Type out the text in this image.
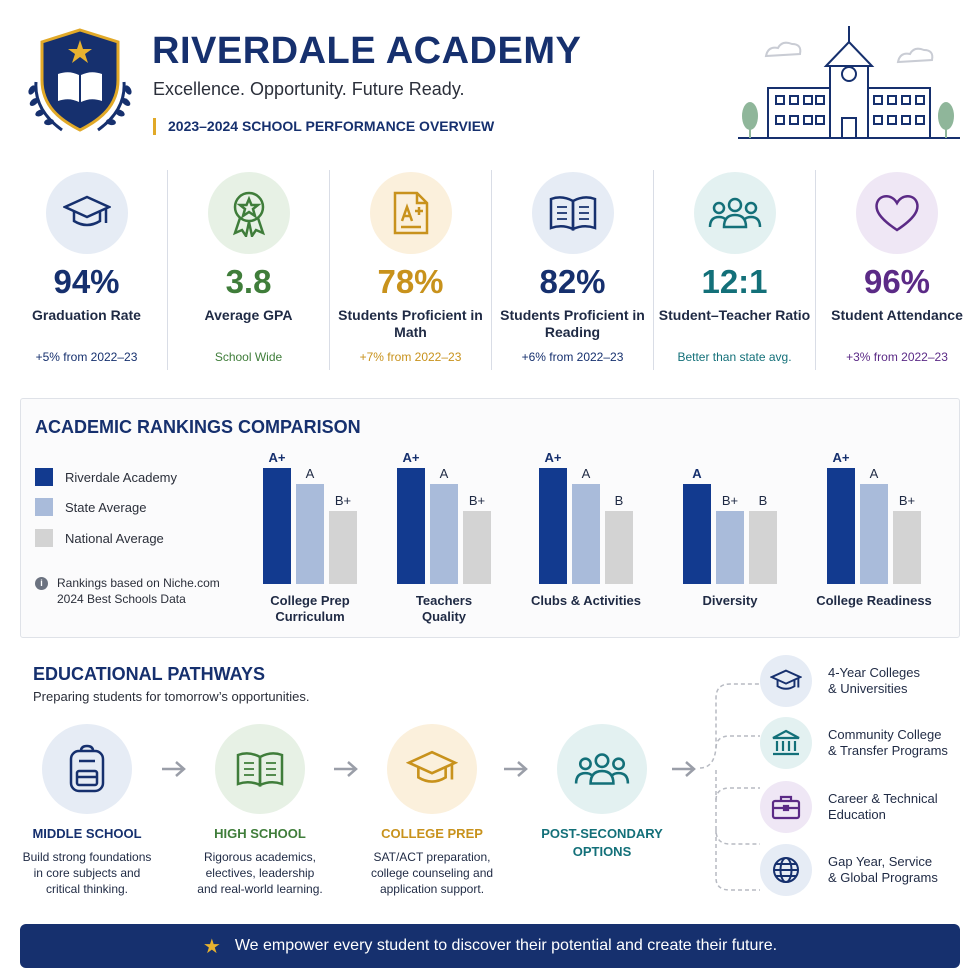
RIVERDALE ACADEMY
Excellence. Opportunity. Future Ready.
2023–2024 SCHOOL PERFORMANCE OVERVIEW
94%
Graduation Rate
+5% from 2022–23
3.8
Average GPA
School Wide
78%
Students Proficient in Math
+7% from 2022–23
82%
Students Proficient in Reading
+6% from 2022–23
12:1
Student–Teacher Ratio
Better than state avg.
96%
Student Attendance
+3% from 2022–23
ACADEMIC RANKINGS COMPARISON
Riverdale Academy
State Average
National Average
i	Rankings based on Niche.com
2024 Best Schools Data
A+
A
B+
College Prep
Curriculum
A+
A
B+
Teachers
Quality
A+
A
B
Clubs & Activities
A
B+ B
Diversity
A+
A
B+
College Readiness
EDUCATIONAL PATHWAYS
Preparing students for tomorrow’s opportunities.
MIDDLE SCHOOL
Build strong foundations
in core subjects and
critical thinking.
HIGH SCHOOL
Rigorous academics,
electives, leadership
and real-world learning.
COLLEGE PREP
SAT/ACT preparation,
college counseling and
application support.
POST-SECONDARY
OPTIONS
4-Year Colleges
& Universities
Community College
& Transfer Programs
Career & Technical
Education
Gap Year, Service
& Global Programs
★ We empower every student to discover their potential and create their future.
